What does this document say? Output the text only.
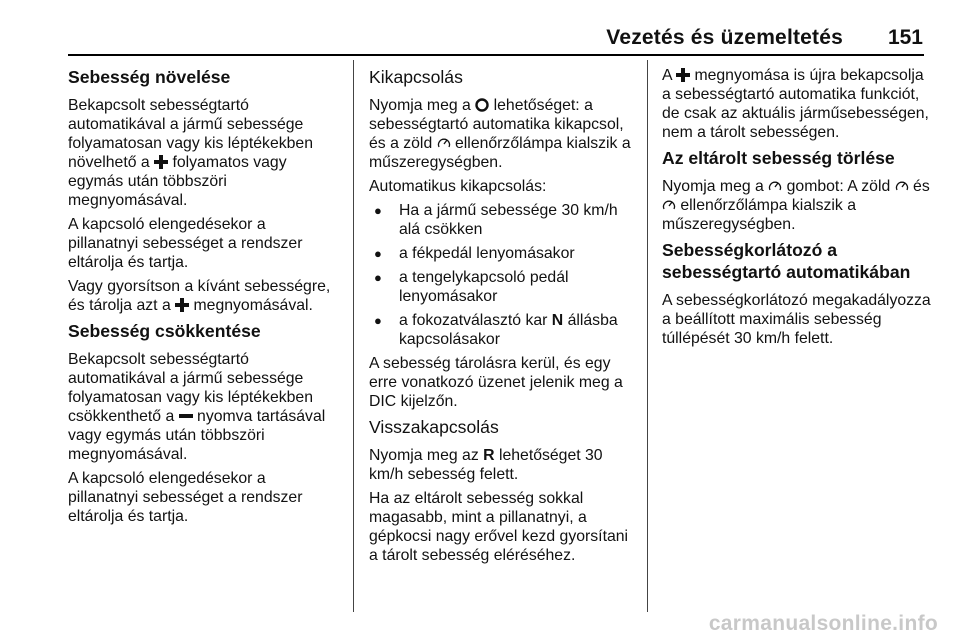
Vezetés és üzemeltetés 151
Sebesség növelése

Bekapcsolt sebességtartó automatikával a jármű sebessége folyamatosan vagy kis léptékekben növelhető a folyamatos vagy egymás után többszöri megnyomásával.

A kapcsoló elengedésekor a pillanatnyi sebességet a rendszer eltárolja és tartja.

Vagy gyorsítson a kívánt sebességre, és tárolja azt a megnyomásával.

Sebesség csökkentése

Bekapcsolt sebességtartó automatikával a jármű sebessége folyamatosan vagy kis léptékekben csökkenthető a nyomva tartásával vagy egymás után többszöri megnyomásával.

A kapcsoló elengedésekor a pillanatnyi sebességet a rendszer eltárolja és tartja.

Kikapcsolás

Nyomja meg a lehetőséget: a sebességtartó automatika kikapcsol, és a zöld ellenőrzőlámpa kialszik a műszeregységben.

Automatikus kikapcsolás:

● Ha a jármű sebessége 30 km/h alá csökken
● a fékpedál lenyomásakor
● a tengelykapcsoló pedál lenyomásakor
● a fokozatválasztó kar N állásba kapcsolásakor

A sebesség tárolásra kerül, és egy erre vonatkozó üzenet jelenik meg a DIC kijelzőn.

Visszakapcsolás

Nyomja meg az R lehetőséget 30 km/h sebesség felett.

Ha az eltárolt sebesség sokkal magasabb, mint a pillanatnyi, a gépkocsi nagy erővel kezd gyorsítani a tárolt sebesség eléréséhez.

A megnyomása is újra bekapcsolja a sebességtartó automatika funkciót, de csak az aktuális járműsebességen, nem a tárolt sebességen.

Az eltárolt sebesség törlése

Nyomja meg a gombot: A zöld és  ellenőrzőlámpa kialszik a műszeregységben.

Sebességkorlátozó a sebességtartó automatikában

A sebességkorlátozó megakadályozza a beállított maximális sebesség túllépését 30 km/h felett.

carmanualsonline.info
